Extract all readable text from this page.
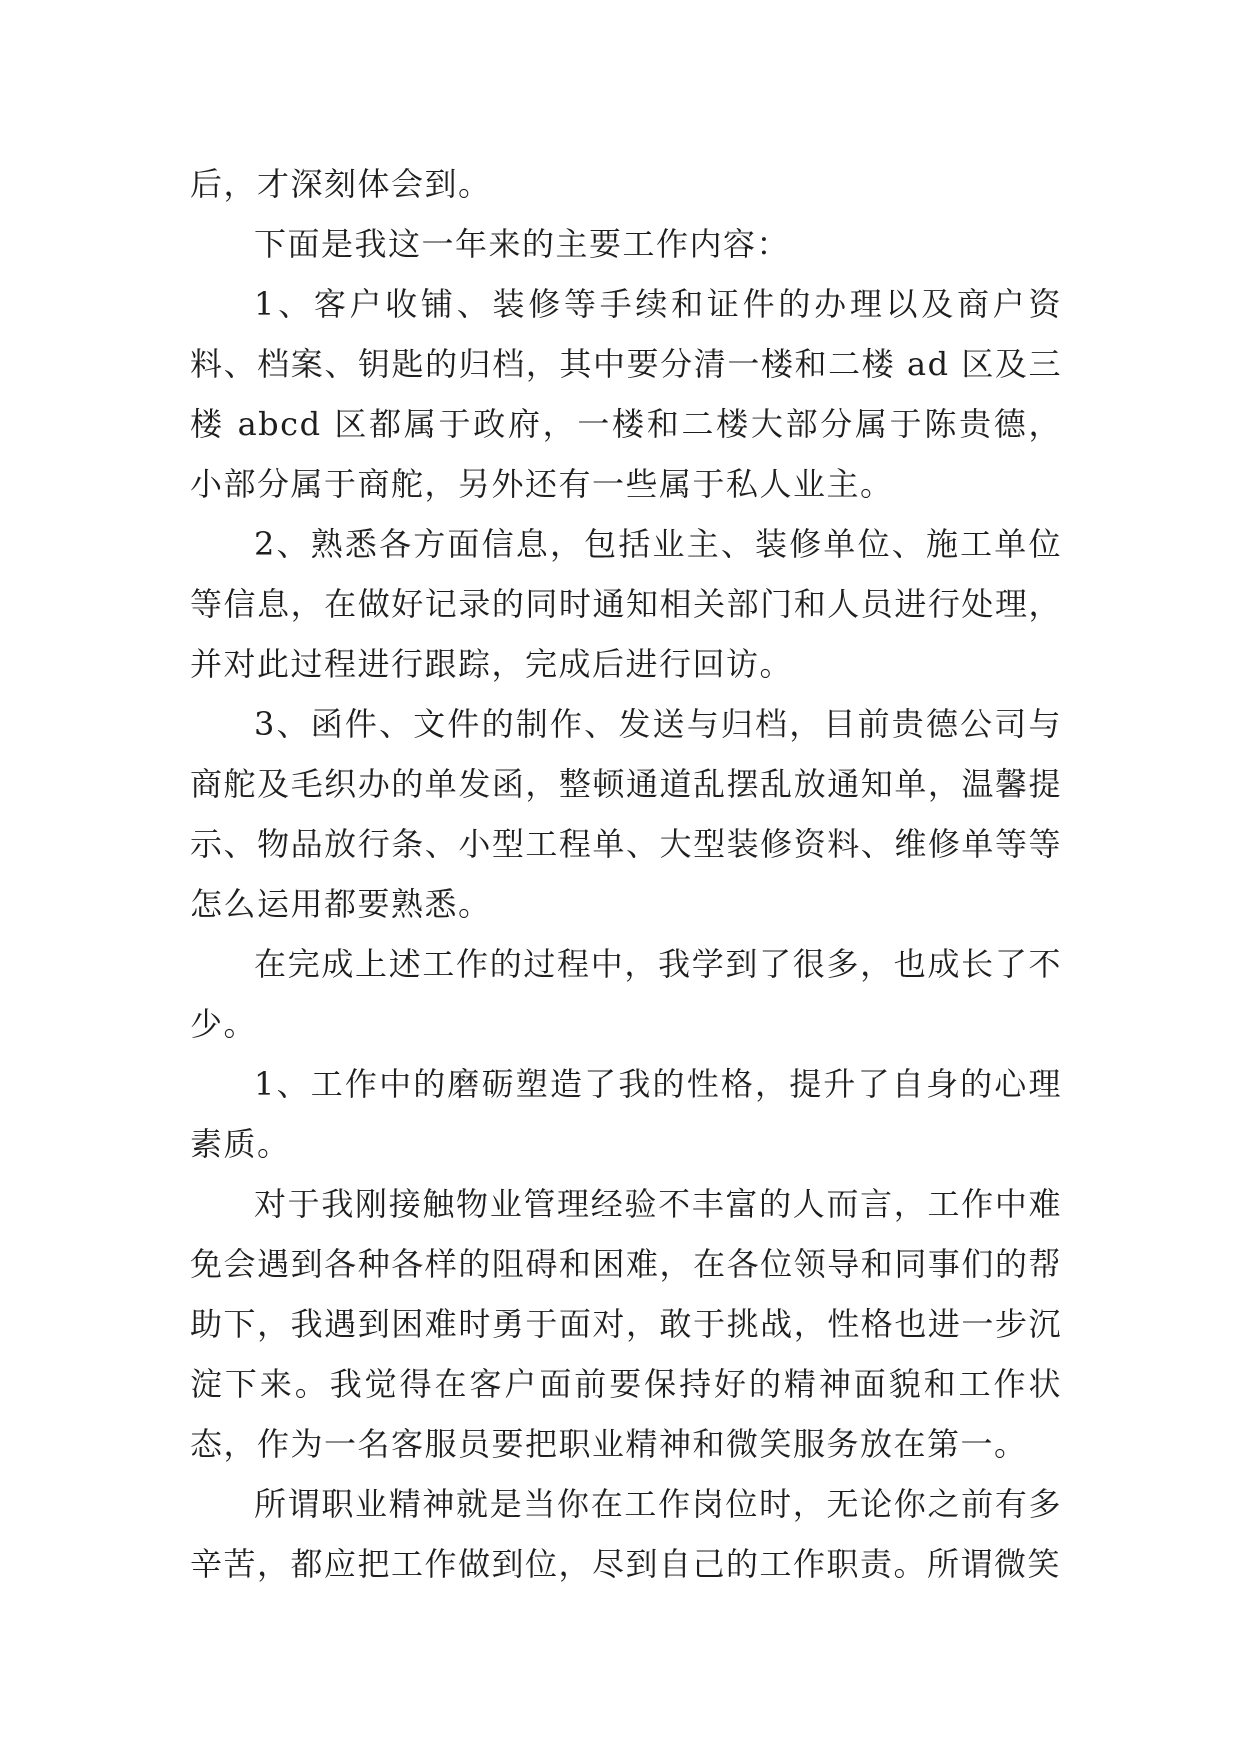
后，才深刻体会到。

下面是我这一年来的主要工作内容：

1、客户收铺、装修等手续和证件的办理以及商户资料、档案、钥匙的归档，其中要分清一楼和二楼 ad 区及三楼 abcd 区都属于政府，一楼和二楼大部分属于陈贵德，小部分属于商舵，另外还有一些属于私人业主。

2、熟悉各方面信息，包括业主、装修单位、施工单位等信息，在做好记录的同时通知相关部门和人员进行处理，并对此过程进行跟踪，完成后进行回访。

3、函件、文件的制作、发送与归档，目前贵德公司与商舵及毛织办的单发函，整顿通道乱摆乱放通知单，温馨提示、物品放行条、小型工程单、大型装修资料、维修单等等怎么运用都要熟悉。

在完成上述工作的过程中，我学到了很多，也成长了不少。

1、工作中的磨砺塑造了我的性格，提升了自身的心理素质。

对于我刚接触物业管理经验不丰富的人而言，工作中难免会遇到各种各样的阻碍和困难，在各位领导和同事们的帮助下，我遇到困难时勇于面对，敢于挑战，性格也进一步沉淀下来。我觉得在客户面前要保持好的精神面貌和工作状态，作为一名客服员要把职业精神和微笑服务放在第一。

所谓职业精神就是当你在工作岗位时，无论你之前有多辛苦，都应把工作做到位，尽到自己的工作职责。所谓微笑
